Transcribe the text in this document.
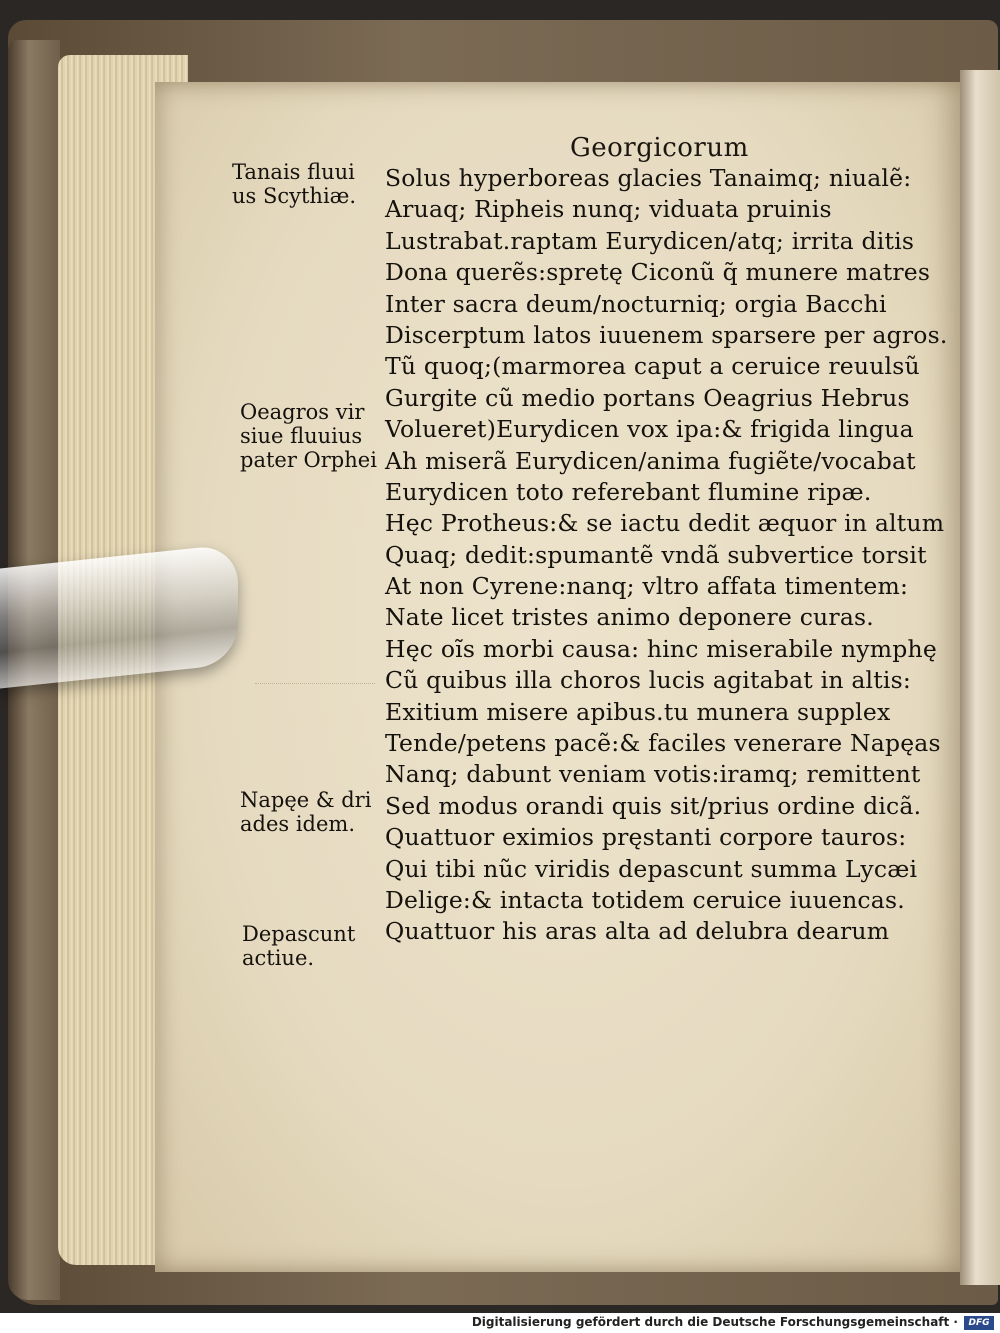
Georgicorum
Solus hyperboreas glacies Tanaimq; niualẽ:
Aruaq; Ripheis nunq; viduata pruinis
Lustrabat.raptam Eurydicen/atq; irrita ditis
Dona querẽs:spretę Ciconũ q̃ munere matres
Inter sacra deum/nocturniq; orgia Bacchi
Discerptum latos iuuenem sparsere per agros.
Tũ quoq;(marmorea caput a ceruice reuulsũ
Gurgite cũ medio portans Oeagrius Hebrus
Volueret)Eurydicen vox ipa:& frigida lingua
Ah miserã Eurydicen/anima fugiẽte/vocabat
Eurydicen toto referebant flumine ripæ.
Hęc Protheus:& se iactu dedit æquor in altum
Quaq; dedit:spumantẽ vndã subvertice torsit
At non Cyrene:nanq; vltro affata timentem:
Nate licet tristes animo deponere curas.
Hęc oĩs morbi causa: hinc miserabile nymphę
Cũ quibus illa choros lucis agitabat in altis:
Exitium misere apibus.tu munera supplex
Tende/petens pacẽ:& faciles venerare Napęas
Nanq; dabunt veniam votis:iramq; remittent
Sed modus orandi quis sit/prius ordine dicã.
Quattuor eximios pręstanti corpore tauros:
Qui tibi nũc viridis depascunt summa Lycæi
Delige:& intacta totidem ceruice iuuencas.
Quattuor his aras alta ad delubra dearum
Tanais fluui
us Scythiæ.
Oeagros vir
siue fluuius
pater Orphei
Napęe & dri
ades idem.
Depascunt
actiue.
Digitalisierung gefördert durch die Deutsche Forschungsgemeinschaft ·	DFG
